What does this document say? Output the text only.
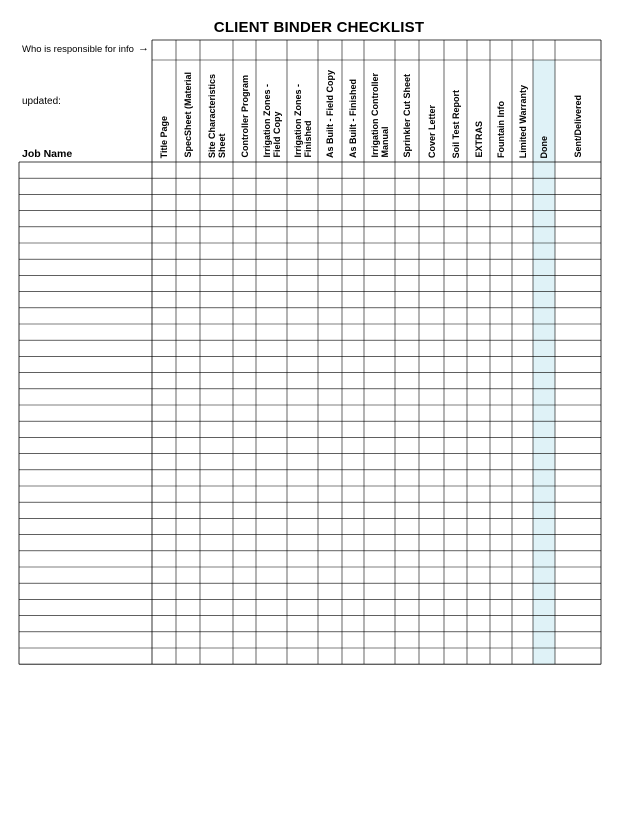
CLIENT BINDER CHECKLIST
Who is responsible for info →
updated:
Job Name	Title Page SpecSheet (Material Site Characteristics
Sheet Controller Program Irrigation Zones -
Field Copy Irrigation Zones -
Finished As Built - Field Copy As Built - Finished Irrigation Controller
Manual Sprinkler Cut Sheet Cover Letter Soil Test Report EXTRAS Fountain Info Limited Warranty Done	Sent/Delivered
